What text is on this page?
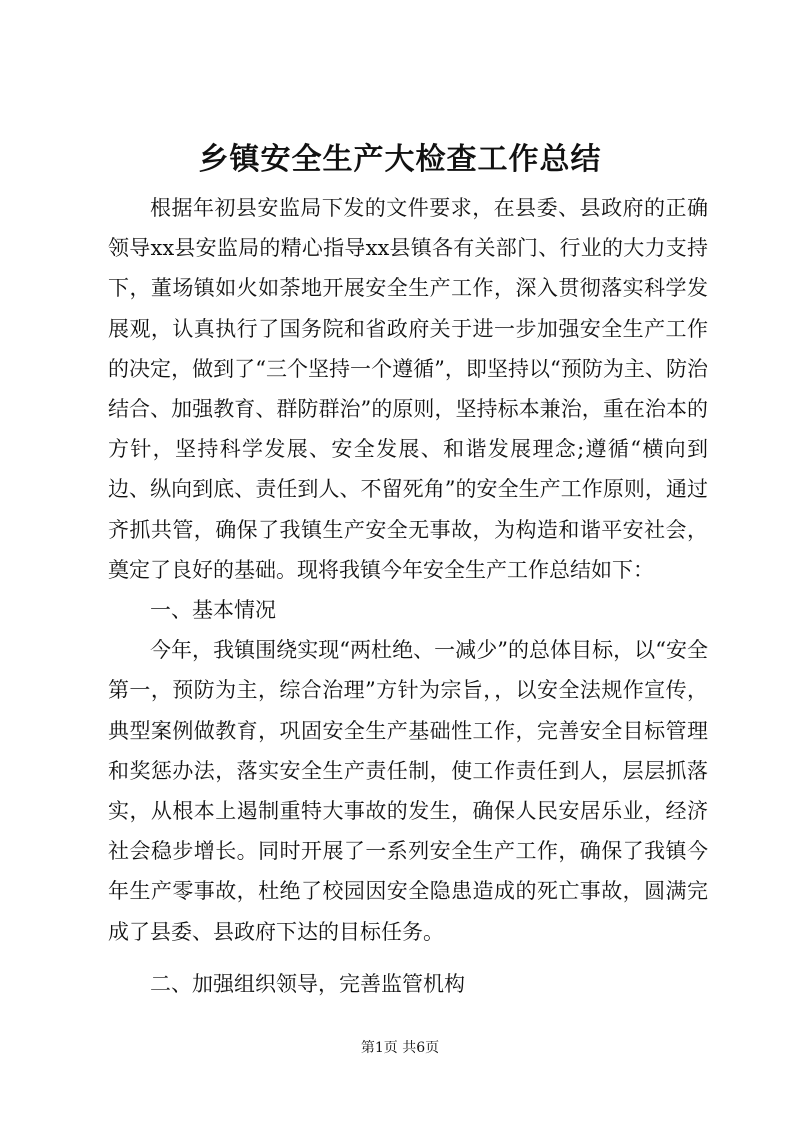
乡镇安全生产大检查工作总结

根据年初县安监局下发的文件要求，在县委、县政府的正确领导xx县安监局的精心指导xx县镇各有关部门、行业的大力支持下，董场镇如火如荼地开展安全生产工作，深入贯彻落实科学发展观，认真执行了国务院和省政府关于进一步加强安全生产工作的决定，做到了“三个坚持一个遵循”，即坚持以“预防为主、防治结合、加强教育、群防群治”的原则，坚持标本兼治，重在治本的方针，坚持科学发展、安全发展、和谐发展理念;遵循“横向到边、纵向到底、责任到人、不留死角”的安全生产工作原则，通过齐抓共管，确保了我镇生产安全无事故，为构造和谐平安社会，奠定了良好的基础。现将我镇今年安全生产工作总结如下：

一、基本情况

今年，我镇围绕实现“两杜绝、一减少”的总体目标，以“安全第一，预防为主，综合治理”方针为宗旨，，以安全法规作宣传，典型案例做教育，巩固安全生产基础性工作，完善安全目标管理和奖惩办法，落实安全生产责任制，使工作责任到人，层层抓落实，从根本上遏制重特大事故的发生，确保人民安居乐业，经济社会稳步增长。同时开展了一系列安全生产工作，确保了我镇今年生产零事故，杜绝了校园因安全隐患造成的死亡事故，圆满完成了县委、县政府下达的目标任务。

二、加强组织领导，完善监管机构

第1页 共6页
